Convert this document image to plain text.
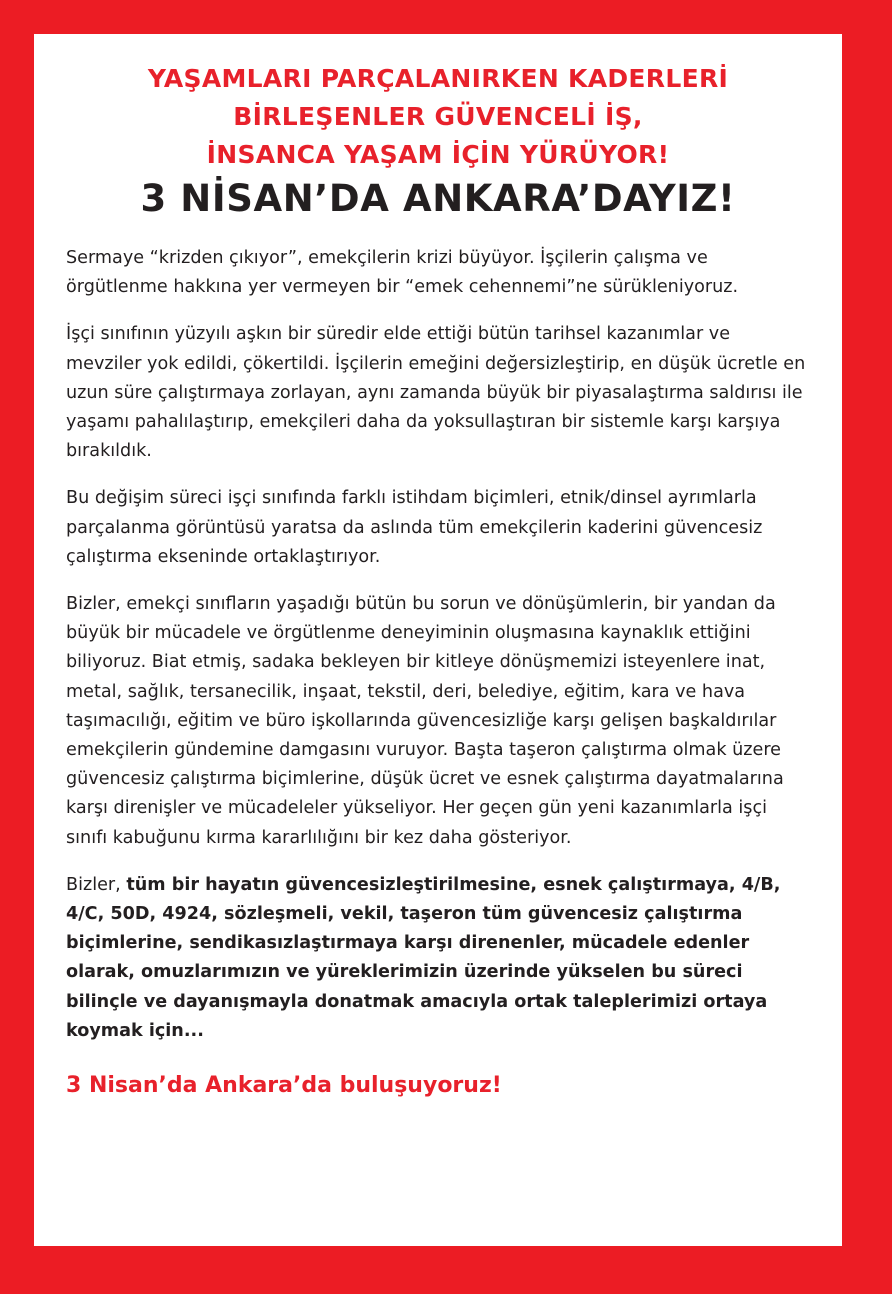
YAŞAMLARI PARÇALANIRKEN KADERLERİ
BİRLEŞENLER GÜVENCELİ İŞ,
İNSANCA YAŞAM İÇİN YÜRÜYOR!
3 NİSAN’DA ANKARA’DAYIZ!

Sermaye “krizden çıkıyor”, emekçilerin krizi büyüyor. İşçilerin çalışma ve örgütlenme hakkına yer vermeyen bir “emek cehennemi”ne sürükleniyoruz.

İşçi sınıfının yüzyılı aşkın bir süredir elde ettiği bütün tarihsel kazanımlar ve mevziler yok edildi, çökertildi. İşçilerin emeğini değersizleştirip, en düşük ücretle en uzun süre çalıştırmaya zorlayan, aynı zamanda büyük bir piyasalaştırma saldırısı ile yaşamı pahalılaştırıp, emekçileri daha da yoksullaştıran bir sistemle karşı karşıya bırakıldık.

Bu değişim süreci işçi sınıfında farklı istihdam biçimleri, etnik/dinsel ayrımlarla parçalanma görüntüsü yaratsa da aslında tüm emekçilerin kaderini güvencesiz çalıştırma ekseninde ortaklaştırıyor.

Bizler, emekçi sınıfların yaşadığı bütün bu sorun ve dönüşümlerin, bir yandan da büyük bir mücadele ve örgütlenme deneyiminin oluşmasına kaynaklık ettiğini biliyoruz. Biat etmiş, sadaka bekleyen bir kitleye dönüşmemizi isteyenlere inat, metal, sağlık, tersanecilik, inşaat, tekstil, deri, belediye, eğitim, kara ve hava taşımacılığı, eğitim ve büro işkollarında güvencesizliğe karşı gelişen başkaldırılar emekçilerin gündemine damgasını vuruyor. Başta taşeron çalıştırma olmak üzere güvencesiz çalıştırma biçimlerine, düşük ücret ve esnek çalıştırma dayatmalarına karşı direnişler ve mücadeleler yükseliyor. Her geçen gün yeni kazanımlarla işçi sınıfı kabuğunu kırma kararlılığını bir kez daha gösteriyor.

Bizler, tüm bir hayatın güvencesizleştirilmesine, esnek çalıştırmaya, 4/B, 4/C, 50D, 4924, sözleşmeli, vekil, taşeron tüm güvencesiz çalıştırma biçimlerine, sendikasızlaştırmaya karşı direnenler, mücadele edenler olarak, omuzlarımızın ve yüreklerimizin üzerinde yükselen bu süreci bilinçle ve dayanışmayla donatmak amacıyla ortak taleplerimizi ortaya koymak için...

3 Nisan’da Ankara’da buluşuyoruz!
